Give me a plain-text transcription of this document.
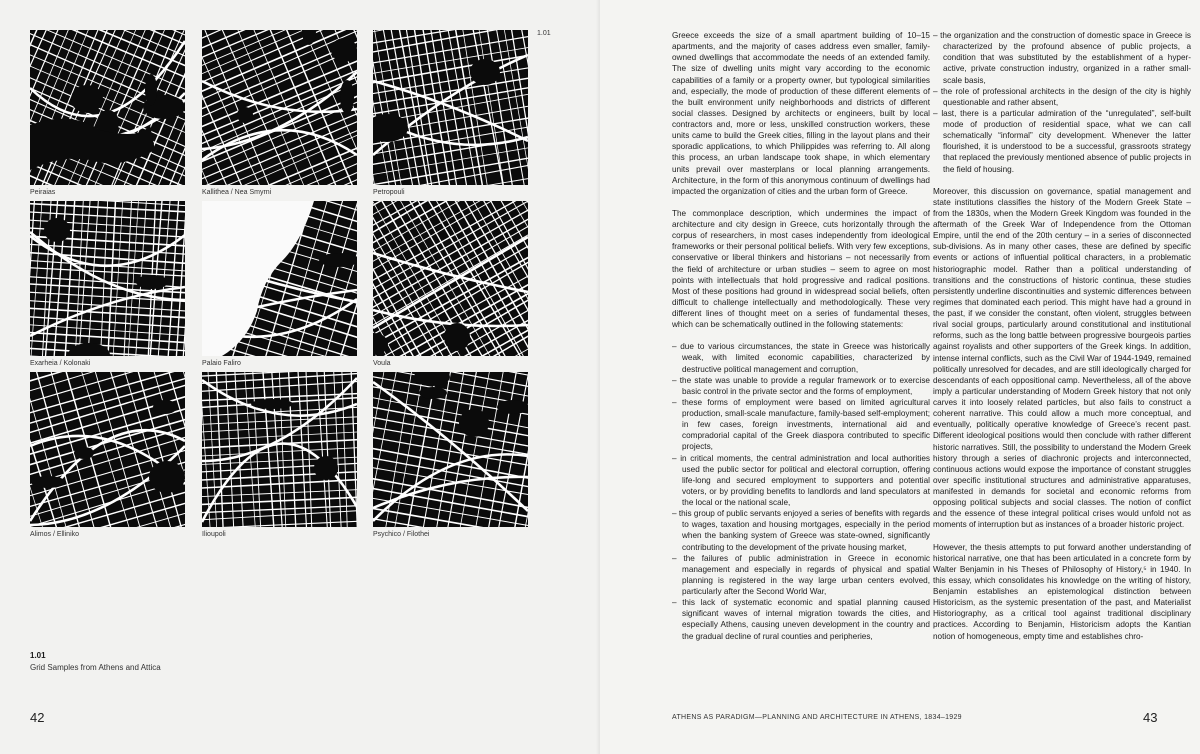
1.01
Peiraias	Kallithea / Nea Smyrni	Petropouli
Exarheia / Kolonaki	Palaio Faliro	Voula
Alimos / Elliniko	Ilioupoli	Psychico / Filothei
1.01
Grid Samples from Athens and Attica
42

Greece exceeds the size of a small apartment building of 10–15 apartments, and the majority of cases address even smaller, family-owned dwellings that accommodate the needs of an extended family. The size of dwelling units might vary according to the economic capabilities of a family or a property owner, but typological similarities and, especially, the mode of production of these different elements of the built environment unify neighborhoods and districts of different social classes. Designed by architects or engineers, built by local contractors and, more or less, unskilled construction workers, these units came to build the Greek cities, filling in the layout plans and their sporadic applications, to which Philippides was referring to. All along this process, an urban landscape took shape, in which elementary units prevail over masterplans or local planning arrangements. Architecture, in the form of this anonymous continuum of dwellings had impacted the organization of cities and the urban form of Greece.

The commonplace description, which undermines the impact of architecture and city design in Greece, cuts horizontally through the corpus of researchers, in most cases independently from ideological frameworks or their personal political beliefs. With very few exceptions, conservative or liberal thinkers and historians – not necessarily from the field of architecture or urban studies – seem to agree on most points with intellectuals that hold progressive and radical positions. Most of these positions had ground in widespread social beliefs, often difficult to challenge intellectually and methodologically. These very different lines of thought meet on a series of fundamental theses, which can be schematically outlined in the following statements:

– due to various circumstances, the state in Greece was historically weak, with limited economic capabilities, characterized by destructive political management and corruption,
– the state was unable to provide a regular framework or to exercise basic control in the private sector and the forms of employment,
– these forms of employment were based on limited agricultural production, small-scale manufacture, family-based self-employment; in few cases, foreign investments, international aid and compradorial capital of the Greek diaspora contributed to specific projects,
– in critical moments, the central administration and local authorities used the public sector for political and electoral corruption, offering life-long and secured employment to supporters and potential voters, or by providing benefits to landlords and land speculators at the local or the national scale,
– this group of public servants enjoyed a series of benefits with regards to wages, taxation and housing mortgages, especially in the period when the banking system of Greece was state-owned, significantly contributing to the development of the private housing market,
– the failures of public administration in Greece in economic management and especially in regards of physical and spatial planning is registered in the way large urban centers evolved, particularly after the Second World War,
– this lack of systematic economic and spatial planning caused significant waves of internal migration towards the cities, and especially Athens, causing uneven development in the country and the gradual decline of rural counties and peripheries,
– the organization and the construction of domestic space in Greece is characterized by the profound absence of public projects, a condition that was substituted by the establishment of a hyper-active, private construction industry, organized in a rather small-scale basis,
– the role of professional architects in the design of the city is highly questionable and rather absent,
– last, there is a particular admiration of the “unregulated”, self-built mode of production of residential space, what we can call schematically “informal” city development. Whenever the latter flourished, it is understood to be a successful, grassroots strategy that replaced the previously mentioned absence of public projects in the field of housing.

Moreover, this discussion on governance, spatial management and state institutions classifies the history of the Modern Greek State – from the 1830s, when the Modern Greek Kingdom was founded in the aftermath of the Greek War of Independence from the Ottoman Empire, until the end of the 20th century – in a series of disconnected sub-divisions. As in many other cases, these are defined by specific events or actions of influential political characters, in a problematic historiographic model. Rather than a political understanding of transitions and the constructions of historic continua, these studies persistently underline discontinuities and systemic differences between regimes that dominated each period. This might have had a ground in the past, if we consider the constant, often violent, struggles between rival social groups, particularly around constitutional and institutional reforms, such as the long battle between progressive bourgeois parties against royalists and other supporters of the Greek kings. In addition, intense internal conflicts, such as the Civil War of 1944-1949, remained politically unresolved for decades, and are still ideologically charged for descendants of each oppositional camp. Nevertheless, all of the above imply a particular understanding of Modern Greek history that not only carves it into loosely related particles, but also fails to construct a coherent narrative. This could allow a much more conceptual, and eventually, politically operative knowledge of Greece’s recent past. Different ideological positions would then conclude with rather different historic narratives. Still, the possibility to understand the Modern Greek history through a series of diachronic projects and interconnected, continuous actions would expose the importance of constant struggles over specific institutional structures and administrative apparatuses, manifested in demands for societal and economic reforms from opposing political subjects and social classes. The notion of conflict and the essence of these integral political crises would unfold not as moments of interruption but as instances of a broader historic project.

However, the thesis attempts to put forward another understanding of historical narrative, one that has been articulated in a concrete form by Walter Benjamin in his Theses of Philosophy of History,⁵ in 1940. In this essay, which consolidates his knowledge on the writing of history, Benjamin establishes an epistemological distinction between Historicism, as the systemic presentation of the past, and Materialist Historiography, as a critical tool against traditional disciplinary practices. According to Benjamin, Historicism adopts the Kantian notion of homogeneous, empty time and establishes chro-

ATHENS AS PARADIGM—PLANNING AND ARCHITECTURE IN ATHENS, 1834–1929	43
